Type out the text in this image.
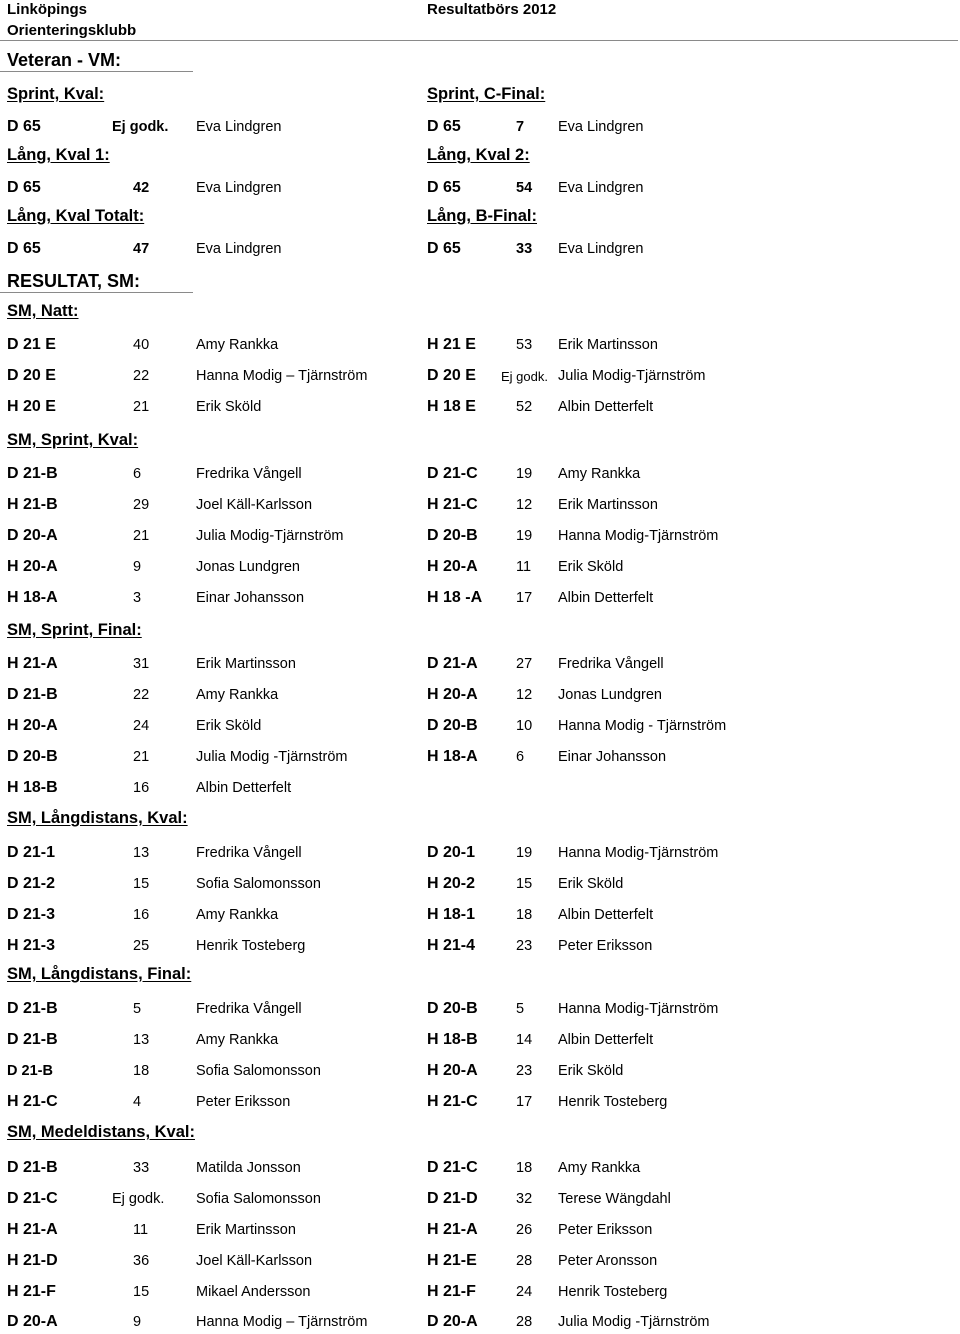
Linköpings
Orienteringsklubb
Resultatbörs 2012
Veteran - VM:
Sprint, Kval:	Sprint, C-Final:
Lång, Kval 1:	Lång, Kval 2:
Lång, Kval Totalt:	Lång, B-Final:
RESULTAT, SM:
SM, Natt:
SM, Sprint, Kval:
SM, Sprint, Final:
SM, Långdistans, Kval:
SM, Långdistans, Final:
SM, Medeldistans, Kval:
D 65	Ej godk. Eva Lindgren	D 65	7 Eva Lindgren
D 65	42	Eva Lindgren	D 65	54 Eva Lindgren
D 65	47	Eva Lindgren	D 65	33 Eva Lindgren
D 21 E	40	Amy Rankka	H 21 E	53 Erik Martinsson
D 20 E	22	Hanna Modig – Tjärnström	D 20 E Ej godk. Julia Modig-Tjärnström
H 20 E	21	Erik Sköld	H 18 E	52 Albin Detterfelt
D 21-B	6	Fredrika Vångell	D 21-C	19 Amy Rankka
H 21-B	29	Joel Käll-Karlsson	H 21-C	12 Erik Martinsson
D 20-A	21	Julia Modig-Tjärnström	D 20-B	19 Hanna Modig-Tjärnström
H 20-A	9	Jonas Lundgren	H 20-A	11 Erik Sköld
H 18-A	3	Einar Johansson	H 18 -A 17 Albin Detterfelt
H 21-A	31	Erik Martinsson	D 21-A	27 Fredrika Vångell
D 21-B	22	Amy Rankka	H 20-A	12 Jonas Lundgren
H 20-A	24	Erik Sköld	D 20-B	10 Hanna Modig - Tjärnström
D 20-B	21	Julia Modig -Tjärnström	H 18-A	6 Einar Johansson
H 18-B	16	Albin Detterfelt
D 21-1	13	Fredrika Vångell	D 20-1	19 Hanna Modig-Tjärnström
D 21-2	15	Sofia Salomonsson	H 20-2	15 Erik Sköld
D 21-3	16	Amy Rankka	H 18-1	18 Albin Detterfelt
H 21-3	25	Henrik Tosteberg	H 21-4	23 Peter Eriksson
D 21-B	5	Fredrika Vångell	D 20-B	5 Hanna Modig-Tjärnström
D 21-B	13	Amy Rankka	H 18-B	14 Albin Detterfelt
D 21-B	18	Sofia Salomonsson	H 20-A	23 Erik Sköld
H 21-C	4	Peter Eriksson	H 21-C	17 Henrik Tosteberg
D 21-B	33	Matilda Jonsson	D 21-C	18 Amy Rankka
D 21-C	Ej godk. Sofia Salomonsson	D 21-D	32 Terese Wängdahl
H 21-A	11	Erik Martinsson	H 21-A	26 Peter Eriksson
H 21-D	36	Joel Käll-Karlsson	H 21-E	28 Peter Aronsson
H 21-F	15	Mikael Andersson	H 21-F	24 Henrik Tosteberg
D 20-A	9	Hanna Modig – Tjärnström	D 20-A	28 Julia Modig -Tjärnström
